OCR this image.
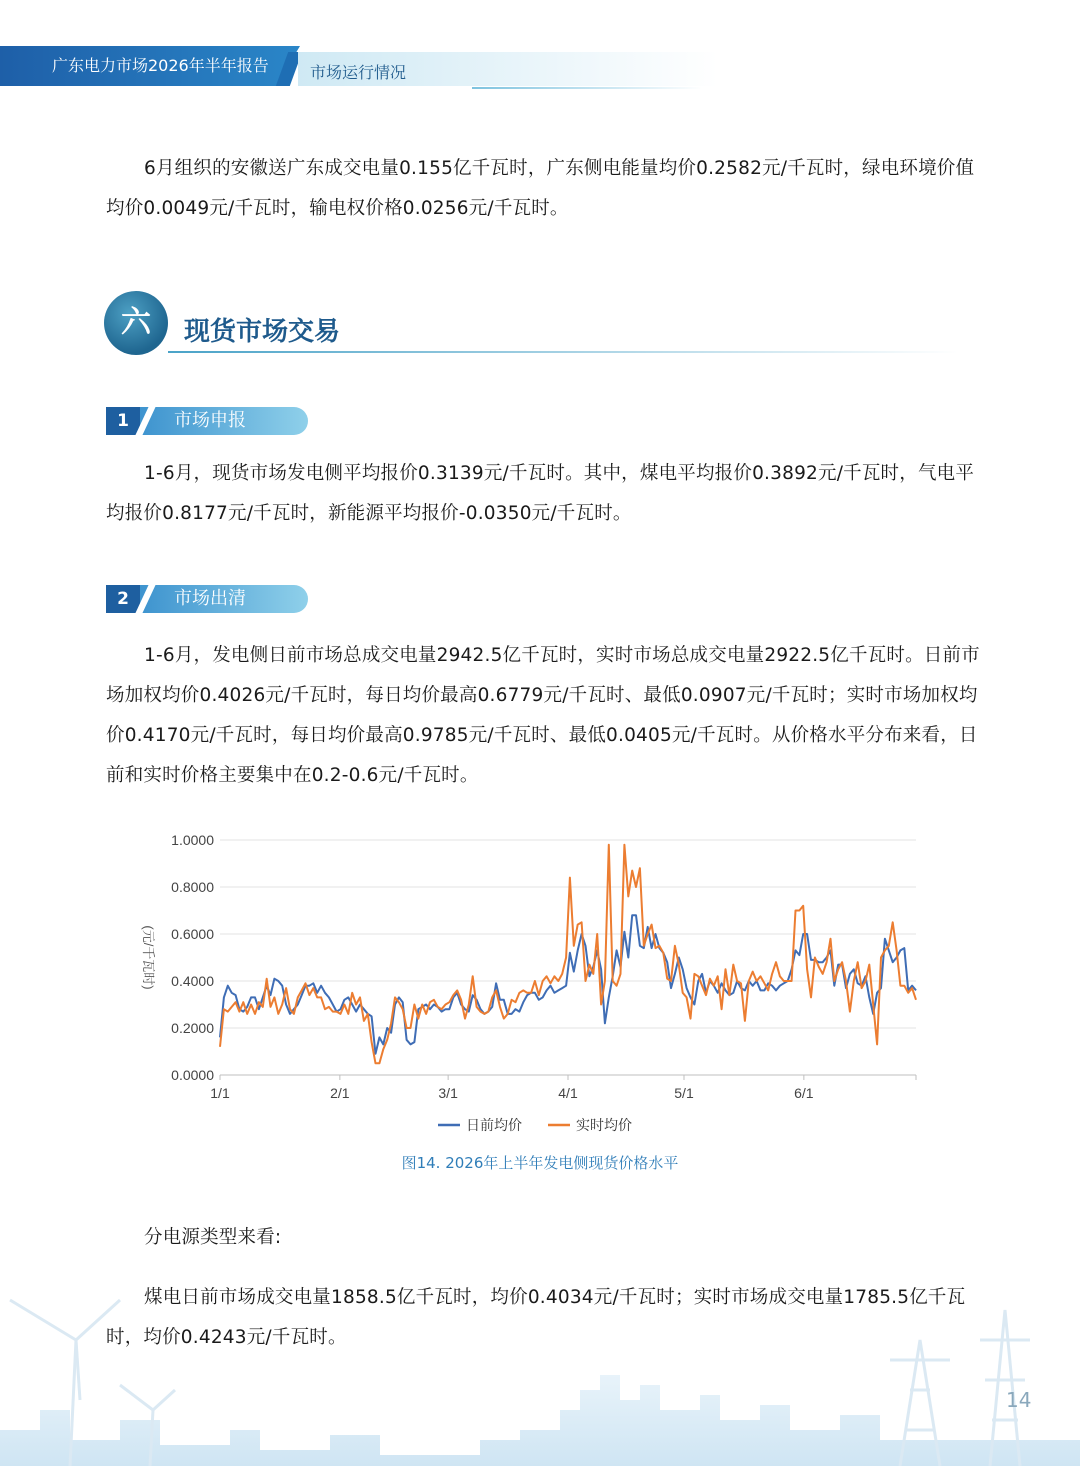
广东电力市场2026年半年报告	市场运行情况

6月组织的安徽送广东成交电量0.155亿千瓦时，广东侧电能量均价0.2582元/千瓦时，绿电环境价值均价0.0049元/千瓦时，输电权价格0.0256元/千瓦时。

六	现货市场交易
1	市场申报

1-6月，现货市场发电侧平均报价0.3139元/千瓦时。其中，煤电平均报价0.3892元/千瓦时，气电平均报价0.8177元/千瓦时，新能源平均报价-0.0350元/千瓦时。

2	市场出清

1-6月，发电侧日前市场总成交电量2942.5亿千瓦时，实时市场总成交电量2922.5亿千瓦时。日前市场加权均价0.4026元/千瓦时，每日均价最高0.6779元/千瓦时、最低0.0907元/千瓦时；实时市场加权均价0.4170元/千瓦时，每日均价最高0.9785元/千瓦时、最低0.0405元/千瓦时。从价格水平分布来看，日前和实时价格主要集中在0.2-0.6元/千瓦时。

0.0000
0.2000
0.4000
0.6000
0.8000
1.0000
1/1	2/1	3/1	4/1	5/1	6/1
(元/千瓦时)
日前均价	实时均价
图14. 2026年上半年发电侧现货价格水平

分电源类型来看:

煤电日前市场成交电量1858.5亿千瓦时，均价0.4034元/千瓦时；实时市场成交电量1785.5亿千瓦时，均价0.4243元/千瓦时。

14
